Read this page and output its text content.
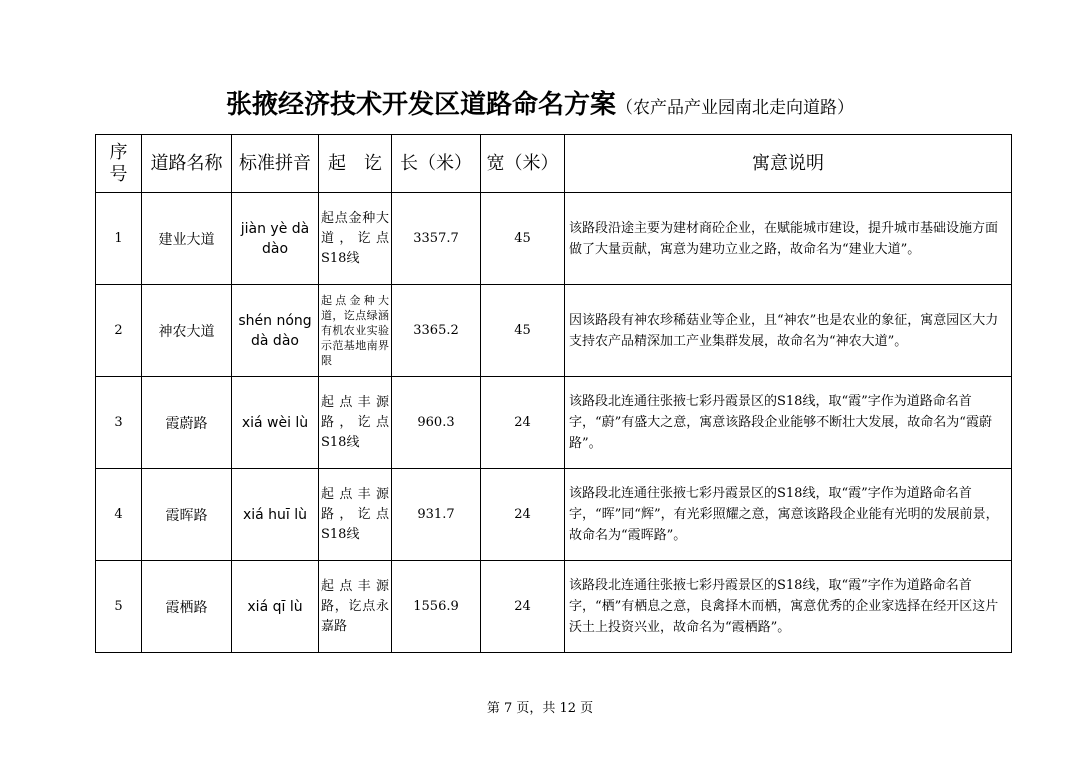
张掖经济技术开发区道路命名方案（农产品产业园南北走向道路）
序号	道路名称	标准拼音	起　讫	长（米）	宽（米）	寓意说明
1	建业大道	jiàn yè dà dào	起点金种大道，讫点S18线	3357.7	45	该路段沿途主要为建材商砼企业，在赋能城市建设，提升城市基础设施方面做了大量贡献，寓意为建功立业之路，故命名为“建业大道”。
2	神农大道	shén nóng dà dào	起点金种大道，讫点绿涵有机农业实验示范基地南界限	3365.2	45	因该路段有神农珍稀菇业等企业，且“神农”也是农业的象征，寓意园区大力支持农产品精深加工产业集群发展，故命名为“神农大道”。
3	霞蔚路	xiá wèi lù	起点丰源路，讫点S18线	960.3	24	该路段北连通往张掖七彩丹霞景区的S18线，取“霞”字作为道路命名首字，“蔚”有盛大之意，寓意该路段企业能够不断壮大发展，故命名为“霞蔚路”。
4	霞晖路	xiá huī lù	起点丰源路，讫点S18线	931.7	24	该路段北连通往张掖七彩丹霞景区的S18线，取“霞”字作为道路命名首字，“晖”同“辉”，有光彩照耀之意，寓意该路段企业能有光明的发展前景，故命名为“霞晖路”。
5	霞栖路	xiá qī lù	起点丰源路，讫点永嘉路	1556.9	24	该路段北连通往张掖七彩丹霞景区的S18线，取“霞”字作为道路命名首字，“栖”有栖息之意，良禽择木而栖，寓意优秀的企业家选择在经开区这片沃土上投资兴业，故命名为“霞栖路”。
第 7 页，共 12 页
